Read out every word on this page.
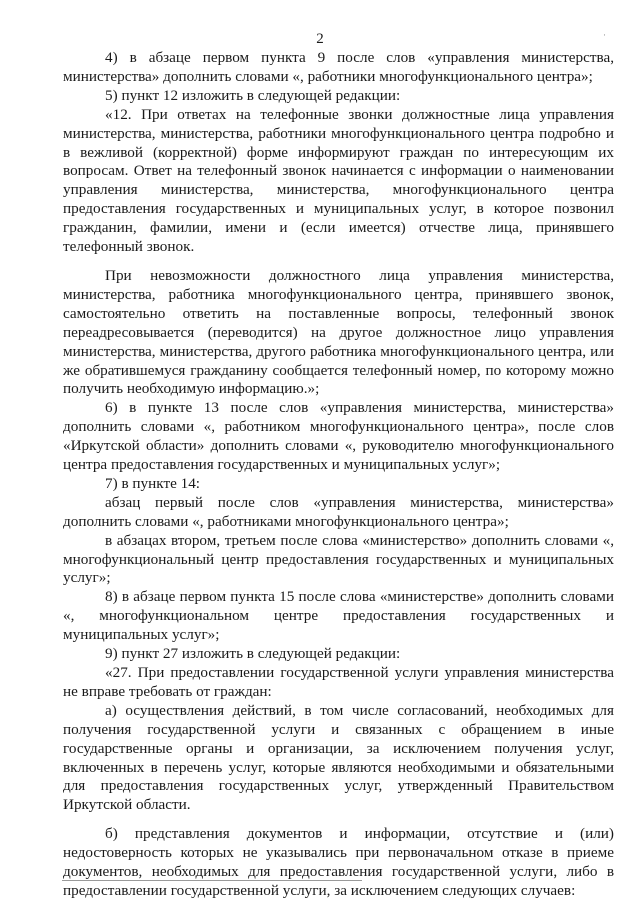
2	·

4) в абзаце первом пункта 9 после слов «управления министерства, министерства» дополнить словами «, работники многофункционального центра»;

5) пункт 12 изложить в следующей редакции:

«12. При ответах на телефонные звонки должностные лица управления министерства, министерства, работники многофункционального центра подробно и в вежливой (корректной) форме информируют граждан по интересующим их вопросам. Ответ на телефонный звонок начинается с информации о наименовании управления министерства, министерства, многофункционального центра предоставления государственных и муниципальных услуг, в которое позвонил гражданин, фамилии, имени и (если имеется) отчестве лица, принявшего телефонный звонок.

При невозможности должностного лица управления министерства, министерства, работника многофункционального центра, принявшего звонок, самостоятельно ответить на поставленные вопросы, телефонный звонок переадресовывается (переводится) на другое должностное лицо управления министерства, министерства, другого работника многофункционального центра, или же обратившемуся гражданину сообщается телефонный номер, по которому можно получить необходимую информацию.»;

6) в пункте 13 после слов «управления министерства, министерства» дополнить словами «, работником многофункционального центра», после слов «Иркутской области» дополнить словами «, руководителю многофункционального центра предоставления государственных и муниципальных услуг»;

7) в пункте 14:

абзац первый после слов «управления министерства, министерства» дополнить словами «, работниками многофункционального центра»;

в абзацах втором, третьем после слова «министерство» дополнить словами «, многофункциональный центр предоставления государственных и муниципальных услуг»;

8) в абзаце первом пункта 15 после слова «министерстве» дополнить словами «, многофункциональном центре предоставления государственных и муниципальных услуг»;

9) пункт 27 изложить в следующей редакции:

«27. При предоставлении государственной услуги управления министерства не вправе требовать от граждан:

а) осуществления действий, в том числе согласований, необходимых для получения государственной услуги и связанных с обращением в иные государственные органы и организации, за исключением получения услуг, включенных в перечень услуг, которые являются необходимыми и обязательными для предоставления государственных услуг, утвержденный Правительством Иркутской области.

б) представления документов и информации, отсутствие и (или) недостоверность которых не указывались при первоначальном отказе в приеме документов, необходимых для предоставления государственной услуги, либо в предоставлении государственной услуги, за исключением следующих случаев:
